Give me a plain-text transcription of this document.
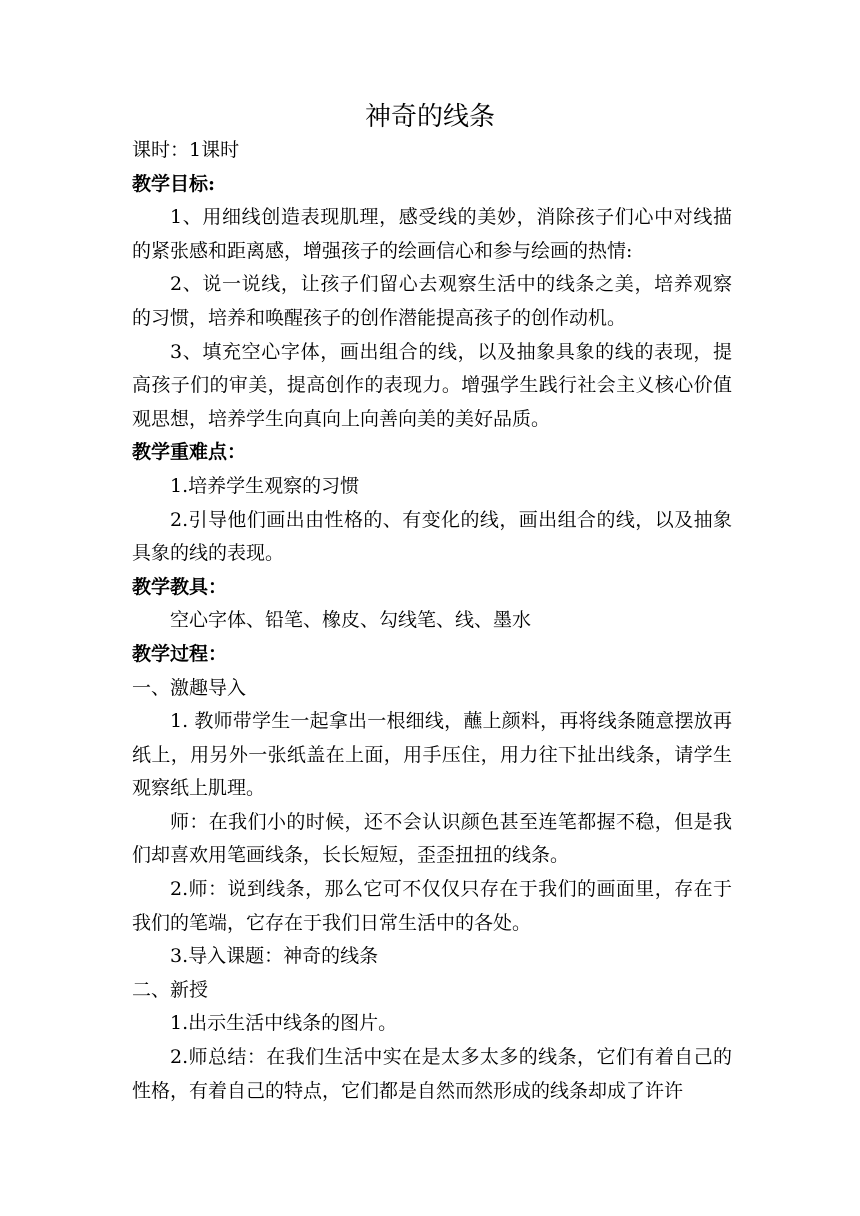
神奇的线条
课时：1课时
教学目标:

1、用细线创造表现肌理，感受线的美妙，消除孩子们心中对线描的紧张感和距离感，增强孩子的绘画信心和参与绘画的热情:

2、说一说线，让孩子们留心去观察生活中的线条之美，培养观察的习惯，培养和唤醒孩子的创作潜能提高孩子的创作动机。

3、填充空心字体，画出组合的线，以及抽象具象的线的表现，提高孩子们的审美，提高创作的表现力。增强学生践行社会主义核心价值观思想，培养学生向真向上向善向美的美好品质。

教学重难点：
1.培养学生观察的习惯

2.引导他们画出由性格的、有变化的线，画出组合的线，以及抽象具象的线的表现。

教学教具：
空心字体、铅笔、橡皮、勾线笔、线、墨水
教学过程：
一、激趣导入

1. 教师带学生一起拿出一根细线，蘸上颜料，再将线条随意摆放再纸上，用另外一张纸盖在上面，用手压住，用力往下扯出线条，请学生观察纸上肌理。

师：在我们小的时候，还不会认识颜色甚至连笔都握不稳，但是我们却喜欢用笔画线条，长长短短，歪歪扭扭的线条。

2.师：说到线条，那么它可不仅仅只存在于我们的画面里，存在于我们的笔端，它存在于我们日常生活中的各处。

3.导入课题：神奇的线条
二、新授
1.出示生活中线条的图片。

2.师总结：在我们生活中实在是太多太多的线条，它们有着自己的性格，有着自己的特点，它们都是自然而然形成的线条却成了许许
